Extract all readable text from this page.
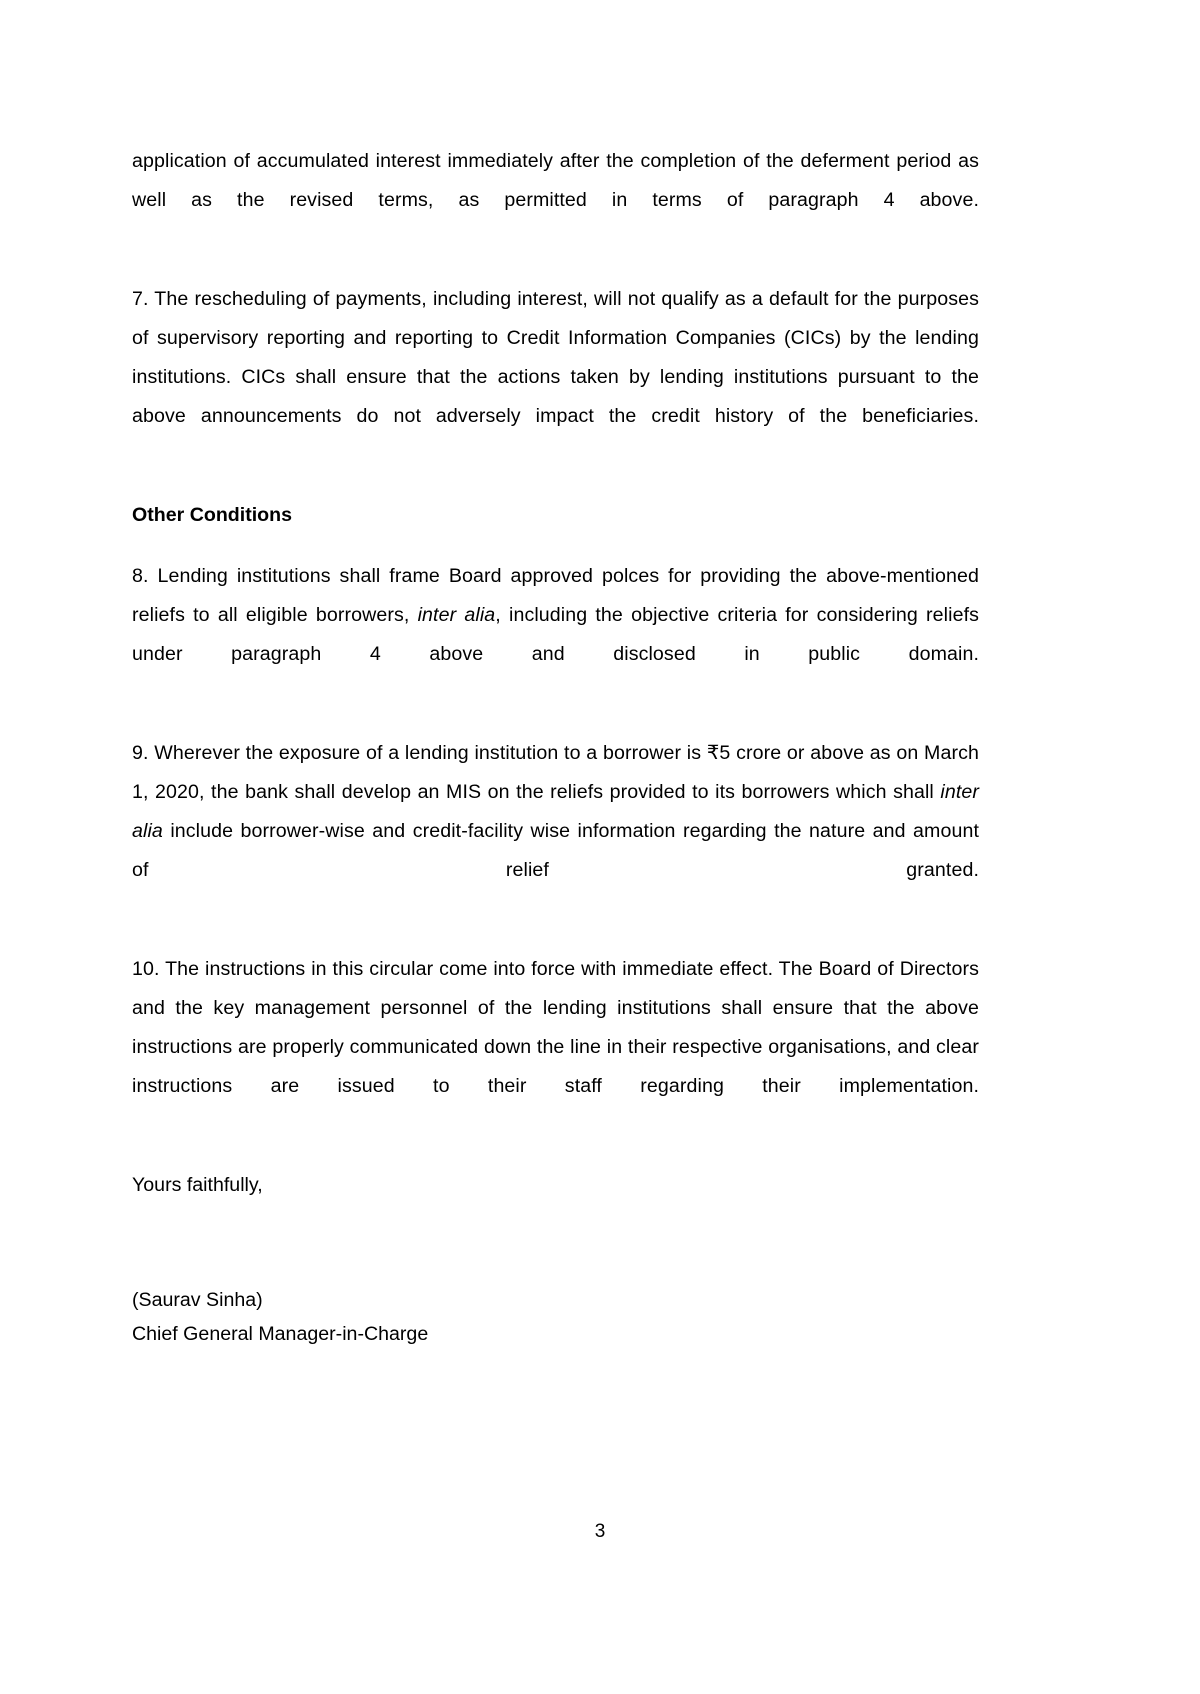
application of accumulated interest immediately after the completion of the deferment period as well as the revised terms, as permitted in terms of paragraph 4 above.

7. The rescheduling of payments, including interest, will not qualify as a default for the purposes of supervisory reporting and reporting to Credit Information Companies (CICs) by the lending institutions. CICs shall ensure that the actions taken by lending institutions pursuant to the above announcements do not adversely impact the credit history of the beneficiaries.

Other Conditions

8. Lending institutions shall frame Board approved polces for providing the above-mentioned reliefs to all eligible borrowers, inter alia, including the objective criteria for considering reliefs under paragraph 4 above and disclosed in public domain.

9. Wherever the exposure of a lending institution to a borrower is ₹5 crore or above as on March 1, 2020, the bank shall develop an MIS on the reliefs provided to its borrowers which shall inter alia include borrower-wise and credit-facility wise information regarding the nature and amount of relief granted.

10. The instructions in this circular come into force with immediate effect. The Board of Directors and the key management personnel of the lending institutions shall ensure that the above instructions are properly communicated down the line in their respective organisations, and clear instructions are issued to their staff regarding their implementation.

Yours faithfully,

(Saurav Sinha)
Chief General Manager-in-Charge
3
